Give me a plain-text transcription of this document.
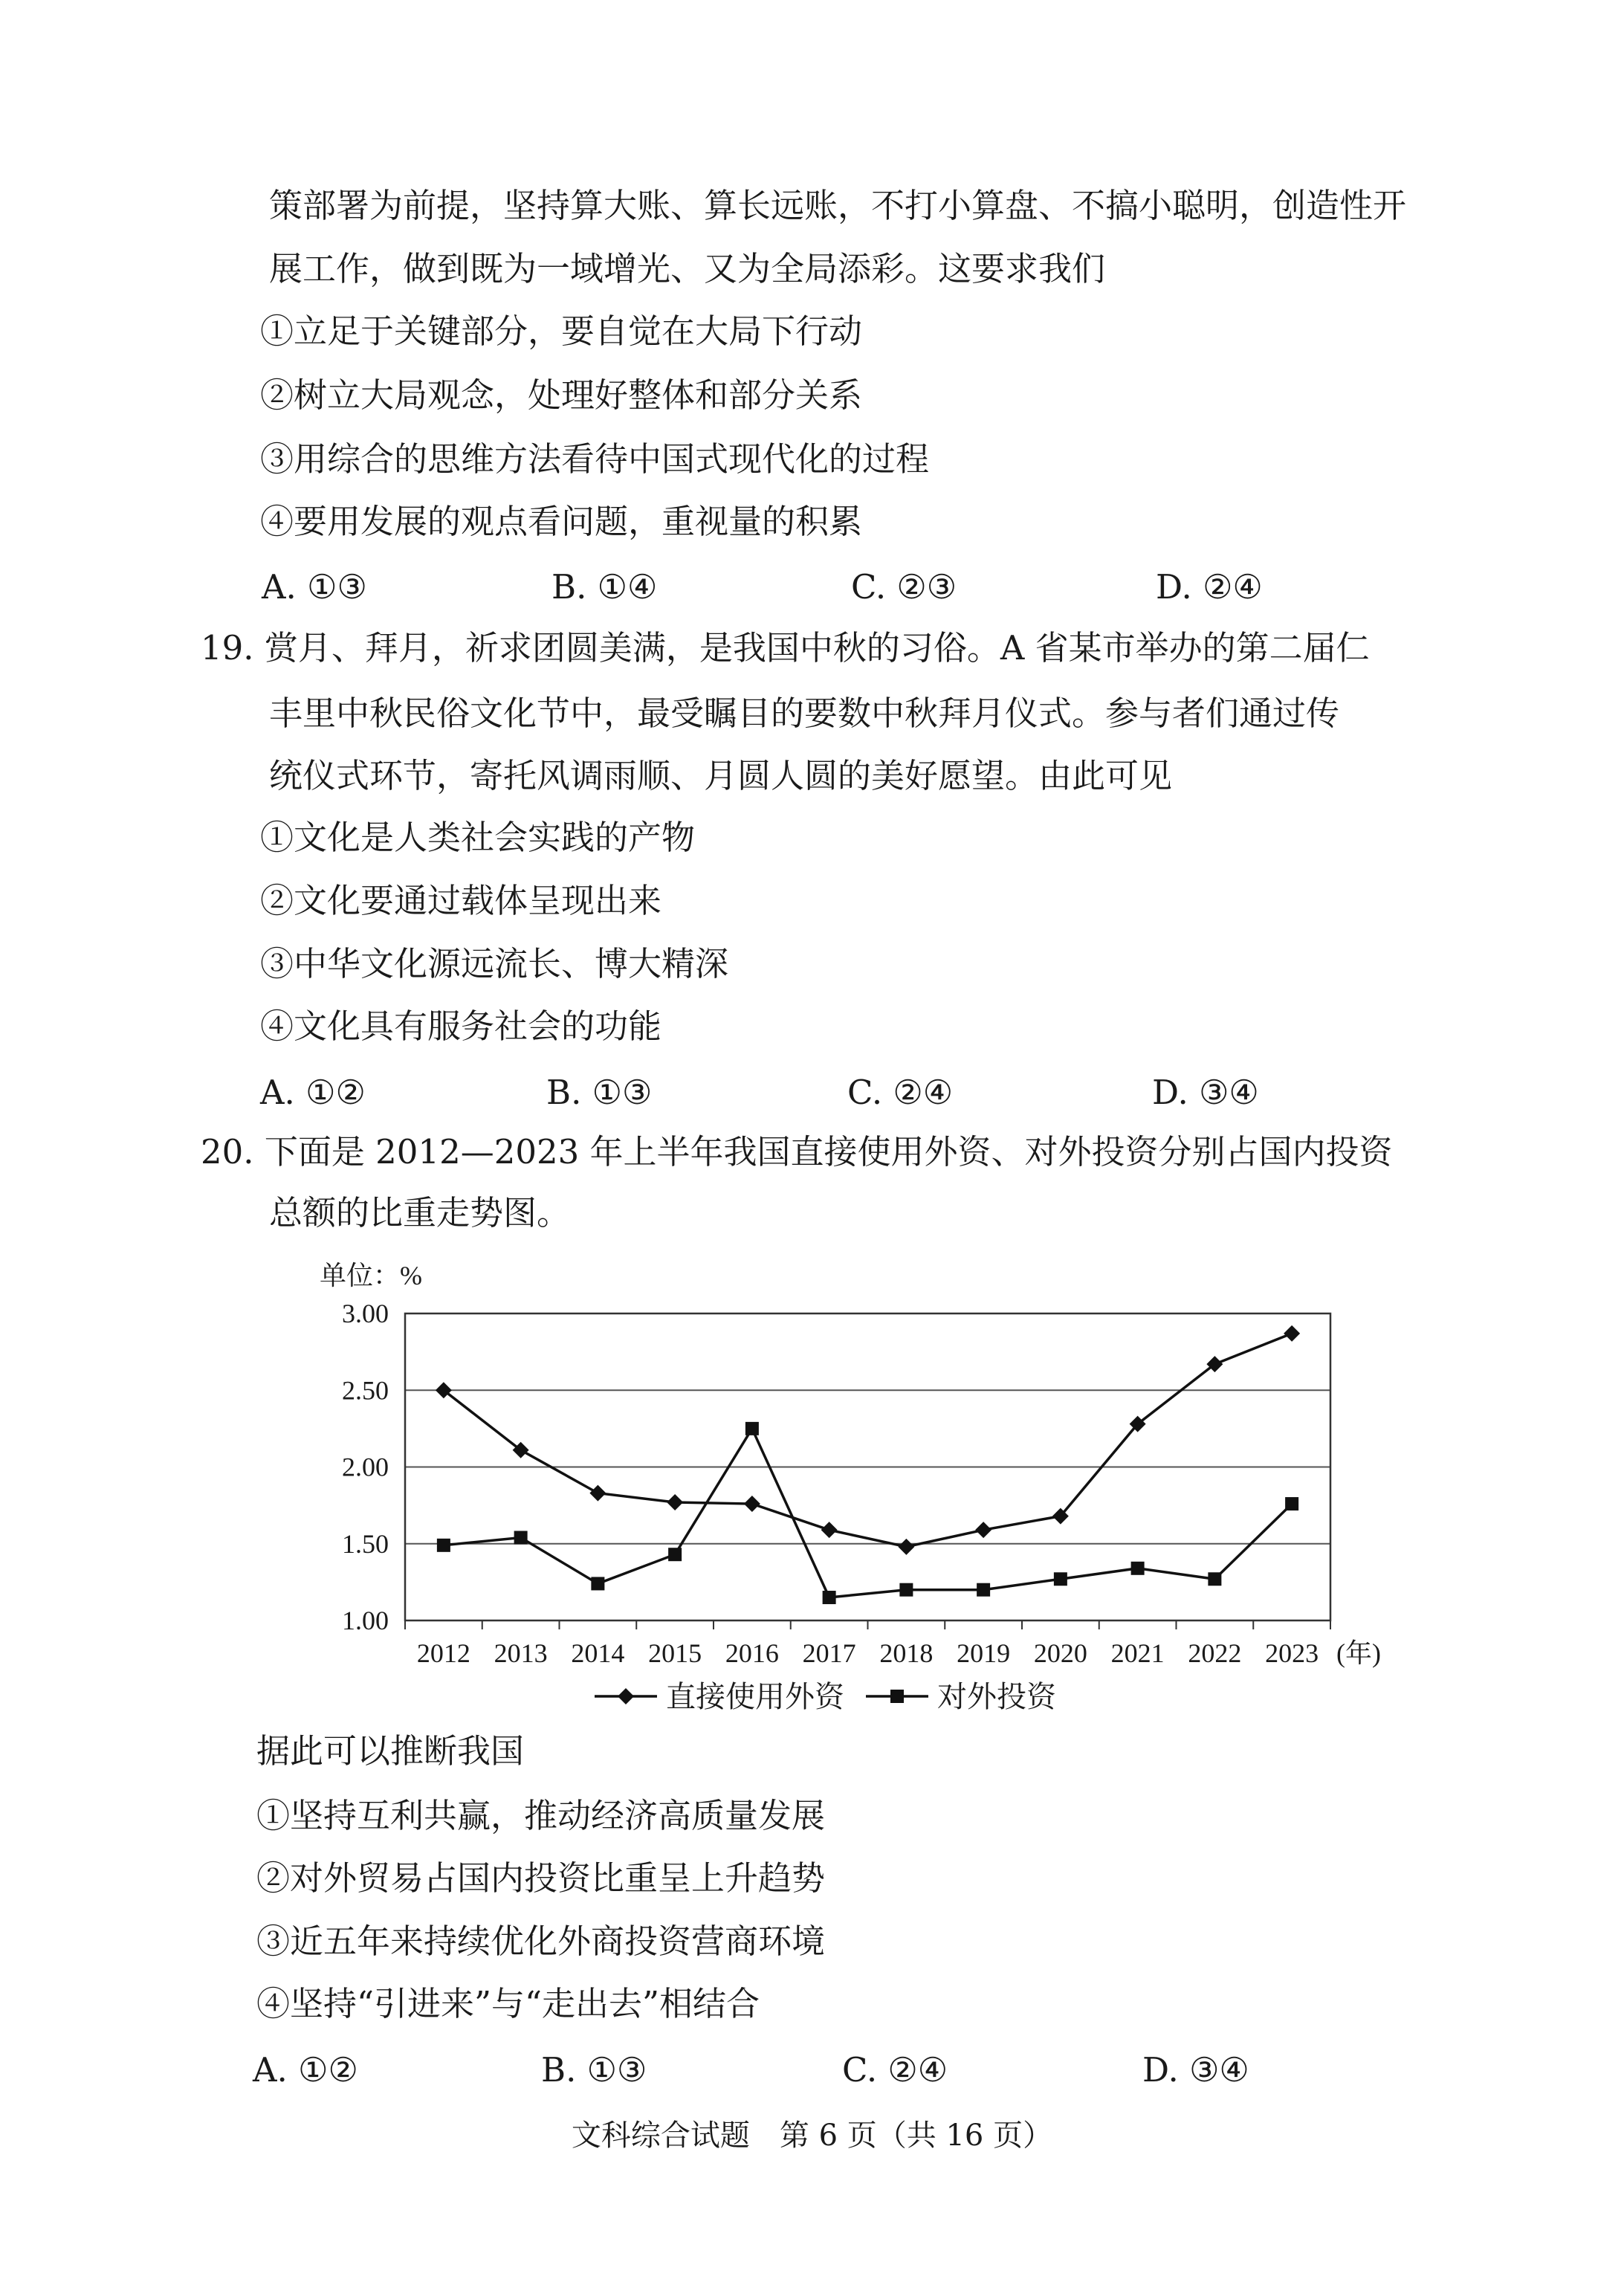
策部署为前提，坚持算大账、算长远账，不打小算盘、不搞小聪明，创造性开
展工作，做到既为一域增光、又为全局添彩。这要求我们
①立足于关键部分，要自觉在大局下行动
②树立大局观念，处理好整体和部分关系
③用综合的思维方法看待中国式现代化的过程
④要用发展的观点看问题，重视量的积累
A. ①③	B. ①④	C. ②③	D. ②④
19. 赏月、拜月，祈求团圆美满，是我国中秋的习俗。A 省某市举办的第二届仁
丰里中秋民俗文化节中，最受瞩目的要数中秋拜月仪式。参与者们通过传
统仪式环节，寄托风调雨顺、月圆人圆的美好愿望。由此可见
①文化是人类社会实践的产物
②文化要通过载体呈现出来
③中华文化源远流长、博大精深
④文化具有服务社会的功能
A. ①②	B. ①③	C. ②④	D. ③④
20. 下面是 2012—2023 年上半年我国直接使用外资、对外投资分别占国内投资
总额的比重走势图。
单位：%
1.00
1.50
2.00
2.50
3.00
2012 2013 2014 2015 2016 2017 2018 2019 2020 2021 2022 2023 (年)
直接使用外资	对外投资
据此可以推断我国
①坚持互利共赢，推动经济高质量发展
②对外贸易占国内投资比重呈上升趋势
③近五年来持续优化外商投资营商环境
④坚持“引进来”与“走出去”相结合
A. ①②	B. ①③	C. ②④	D. ③④
文科综合试题　第 6 页（共 16 页）
